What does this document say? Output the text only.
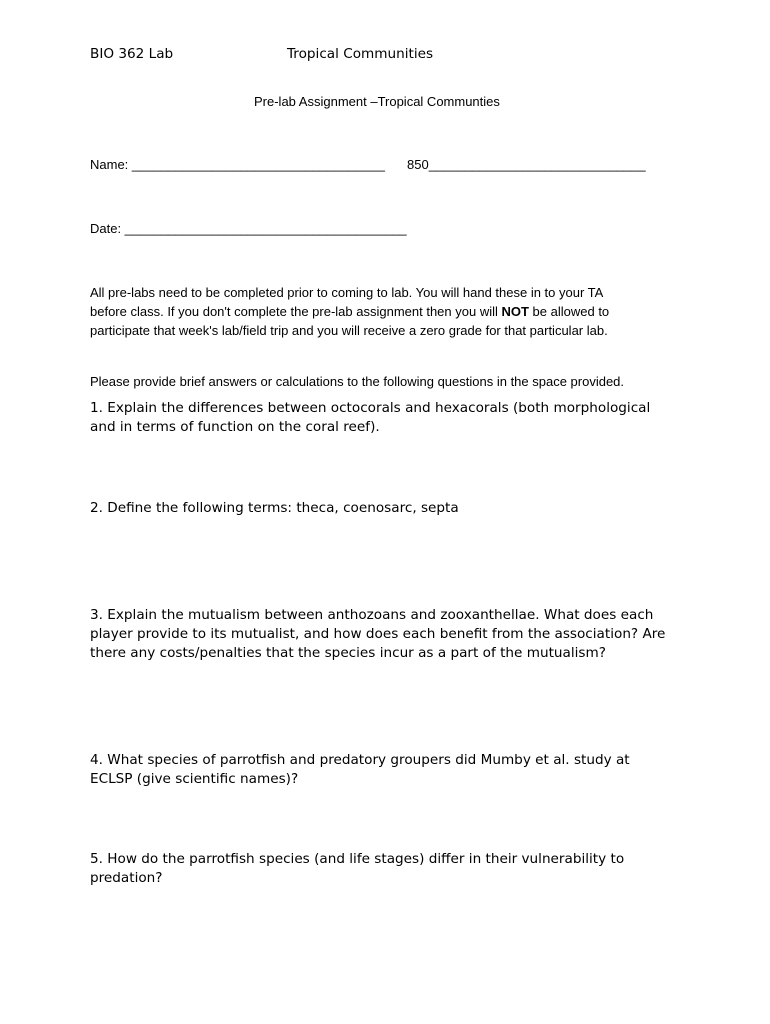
BIO 362 Lab	Tropical Communities
Pre-lab Assignment –Tropical Communties
Name: ___________________________________ 850______________________________
Date: _______________________________________
All pre-labs need to be completed prior to coming to lab. You will hand these in to your TA
before class. If you don't complete the pre-lab assignment then you will NOT be allowed to
participate that week's lab/field trip and you will receive a zero grade for that particular lab.
Please provide brief answers or calculations to the following questions in the space provided.
1. Explain the differences between octocorals and hexacorals (both morphological and in terms of function on the coral reef).
2. Define the following terms: theca, coenosarc, septa
3. Explain the mutualism between anthozoans and zooxanthellae. What does each player provide to its mutualist, and how does each benefit from the association? Are there any costs/penalties that the species incur as a part of the mutualism?
4. What species of parrotfish and predatory groupers did Mumby et al. study at ECLSP (give scientific names)?
5. How do the parrotfish species (and life stages) differ in their vulnerability to predation?
